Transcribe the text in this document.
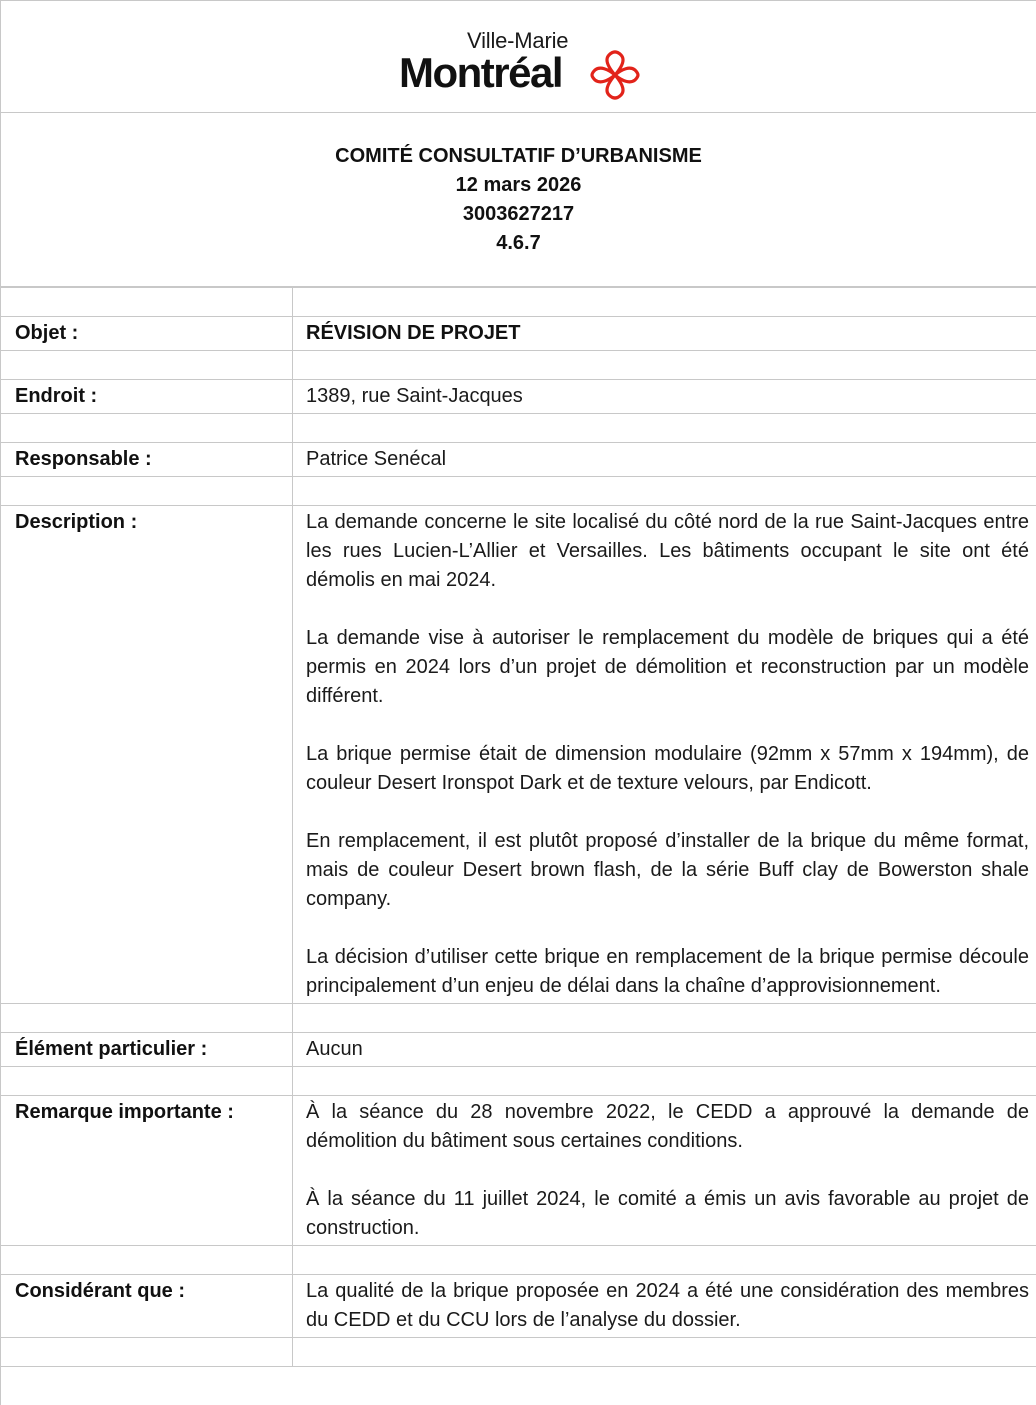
Ville-Marie
Montréal
COMITÉ CONSULTATIF D’URBANISME
12 mars 2026
3003627217
4.6.7

Objet :	RÉVISION DE PROJET

Endroit :	1389, rue Saint-Jacques

Responsable :	Patrice Senécal

Description :	La demande concerne le site localisé du côté nord de la rue Saint-Jacques entre les rues Lucien-L’Allier et Versailles. Les bâtiments occupant le site ont été démolis en mai 2024.

La demande vise à autoriser le remplacement du modèle de briques qui a été permis en 2024 lors d’un projet de démolition et reconstruction par un modèle différent.

La brique permise était de dimension modulaire (92mm x 57mm x 194mm), de couleur Desert Ironspot Dark et de texture velours, par Endicott.

En remplacement, il est plutôt proposé d’installer de la brique du même format, mais de couleur Desert brown flash, de la série Buff clay de Bowerston shale company.

La décision d’utiliser cette brique en remplacement de la brique permise découle principalement d’un enjeu de délai dans la chaîne d’approvisionnement.

Élément particulier :	Aucun

Remarque importante :	À la séance du 28 novembre 2022, le CEDD a approuvé la demande de démolition du bâtiment sous certaines conditions.

À la séance du 11 juillet 2024, le comité a émis un avis favorable au projet de construction.

Considérant que :	La qualité de la brique proposée en 2024 a été une considération des membres du CEDD et du CCU lors de l’analyse du dossier.
